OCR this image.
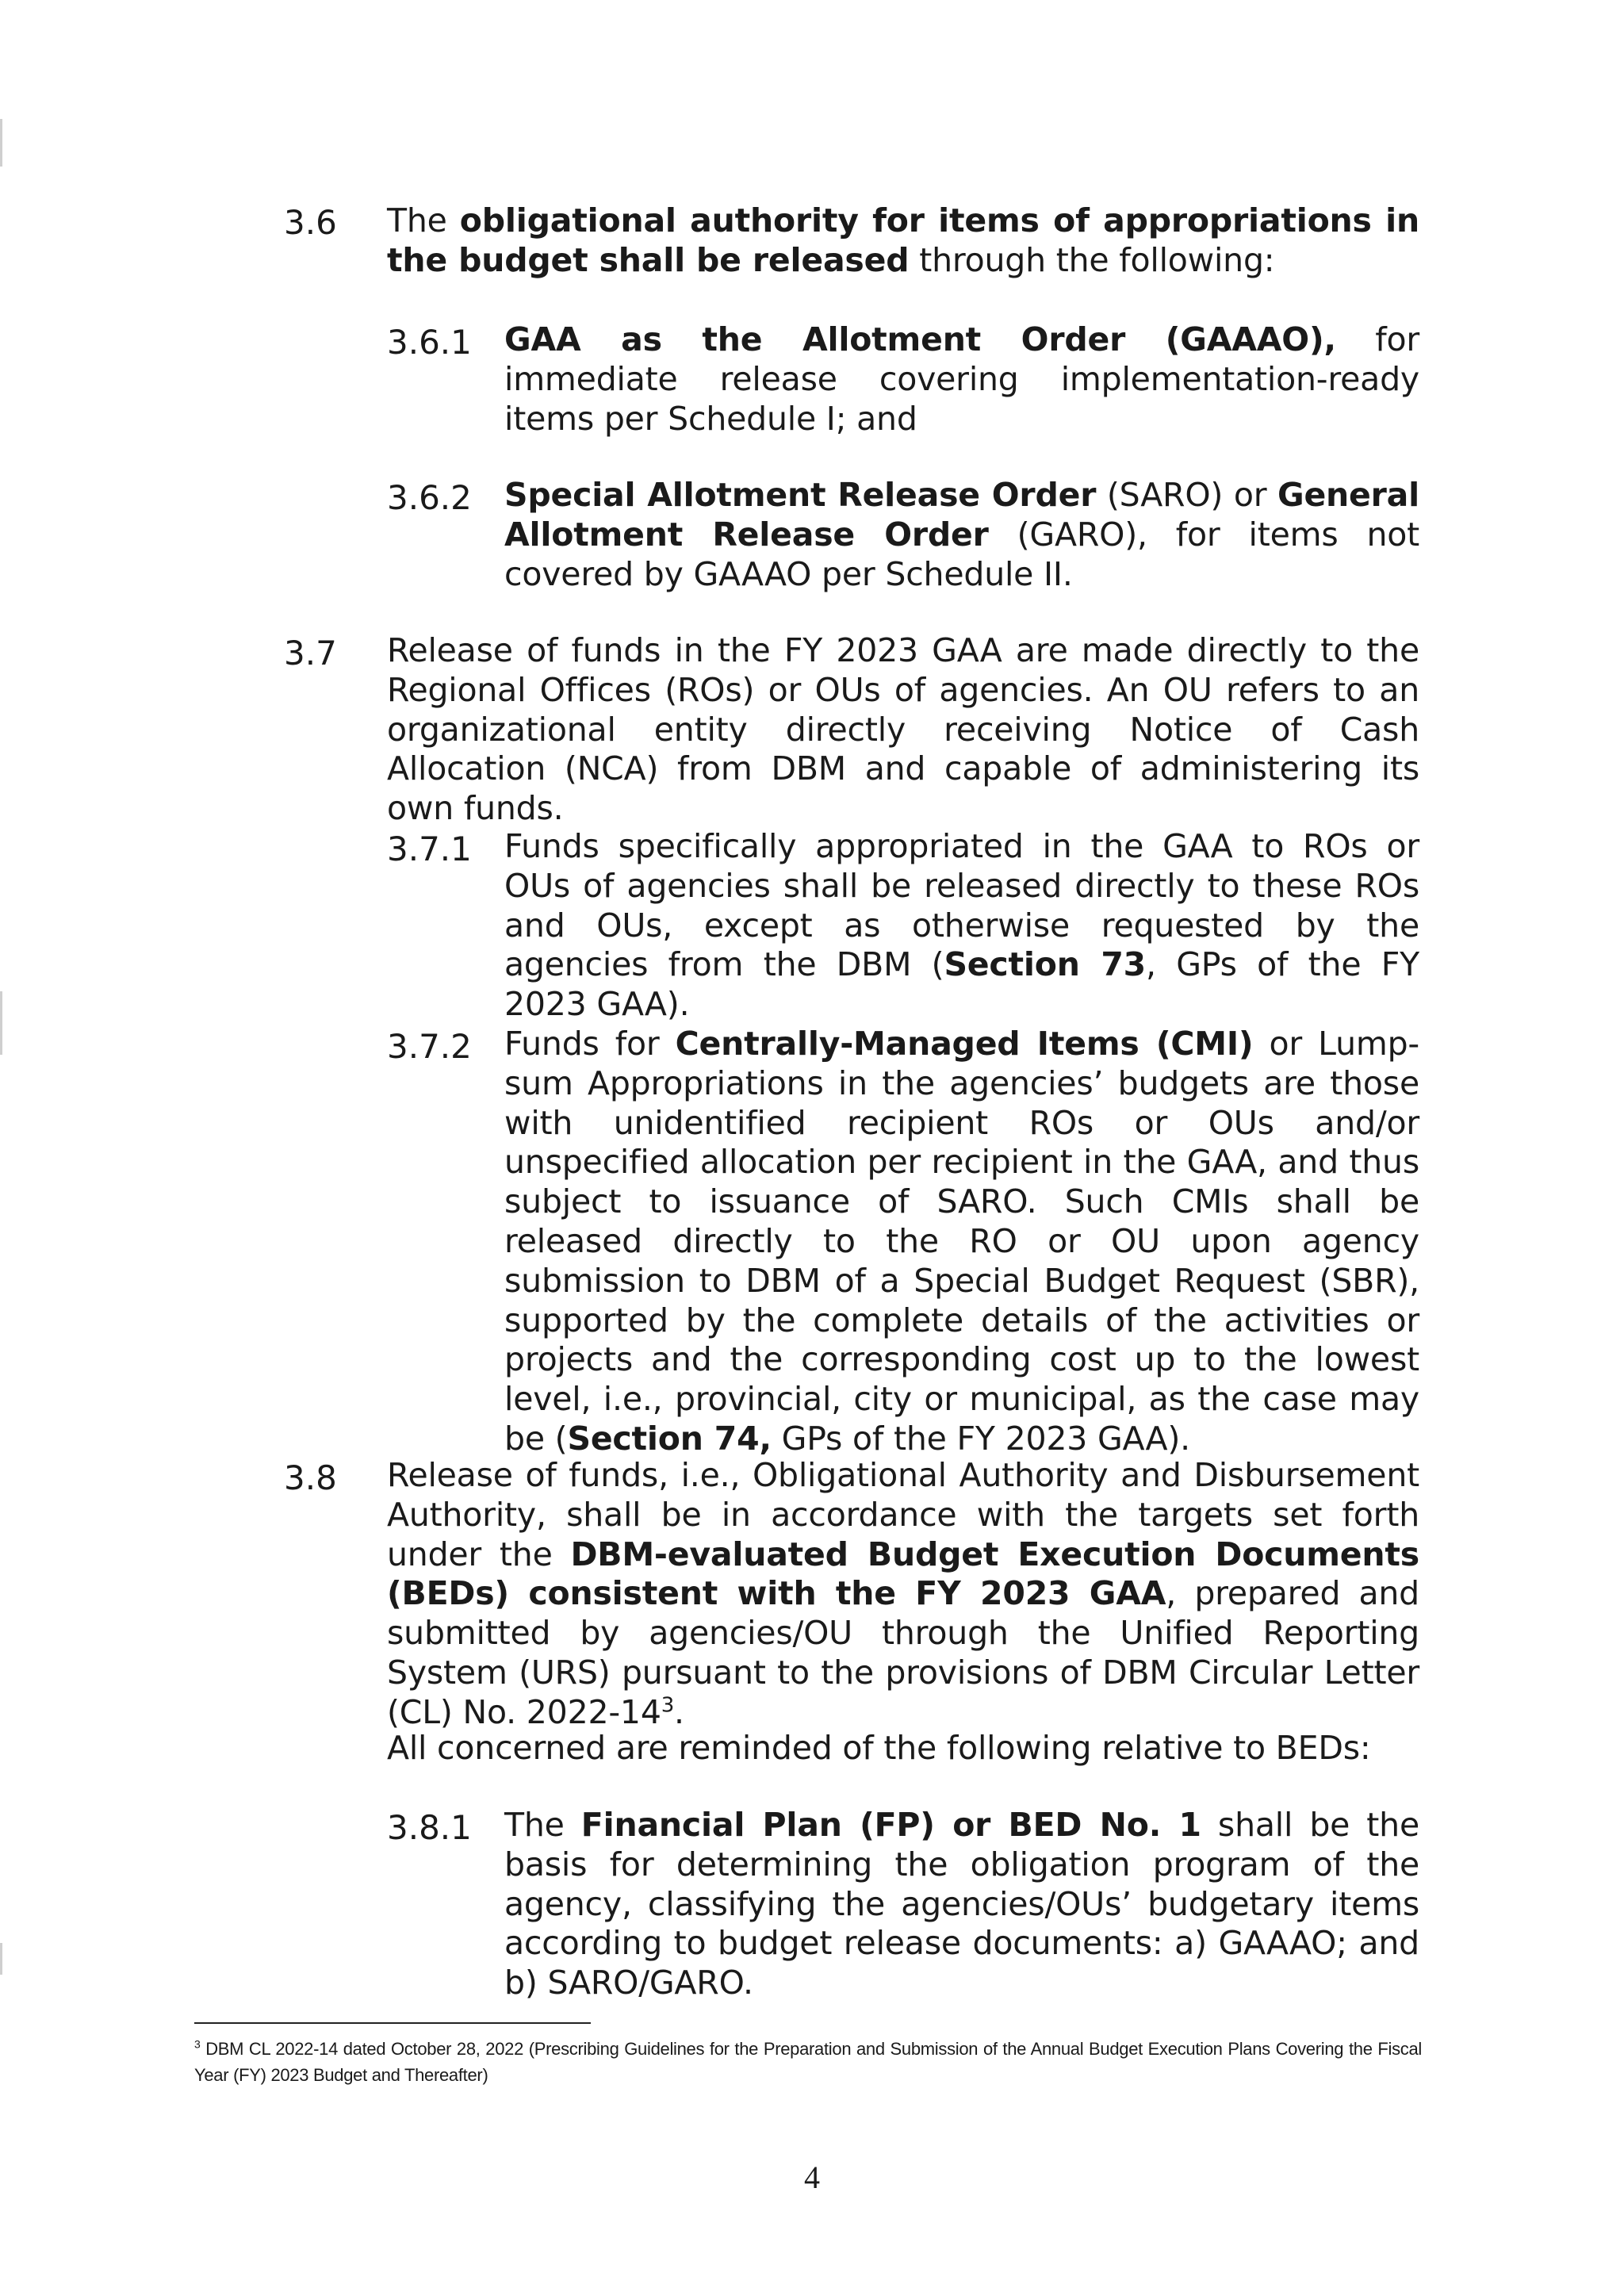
3.6 The obligational authority for items of appropriations in the budget shall be released through the following:
3.6.1 GAA as the Allotment Order (GAAAO), for immediate release covering implementation-ready items per Schedule I; and
3.6.2 Special Allotment Release Order (SARO) or General Allotment Release Order (GARO), for items not covered by GAAAO per Schedule II.
3.7 Release of funds in the FY 2023 GAA are made directly to the Regional Offices (ROs) or OUs of agencies. An OU refers to an organizational entity directly receiving Notice of Cash Allocation (NCA) from DBM and capable of administering its own funds.
3.7.1 Funds specifically appropriated in the GAA to ROs or OUs of agencies shall be released directly to these ROs and OUs, except as otherwise requested by the agencies from the DBM (Section 73, GPs of the FY 2023 GAA).
3.7.2 Funds for Centrally-Managed Items (CMI) or Lump-sum Appropriations in the agencies’ budgets are those with unidentified recipient ROs or OUs and/or unspecified allocation per recipient in the GAA, and thus subject to issuance of SARO. Such CMIs shall be released directly to the RO or OU upon agency submission to DBM of a Special Budget Request (SBR), supported by the complete details of the activities or projects and the corresponding cost up to the lowest level, i.e., provincial, city or municipal, as the case may be (Section 74, GPs of the FY 2023 GAA).
3.8 Release of funds, i.e., Obligational Authority and Disbursement Authority, shall be in accordance with the targets set forth under the DBM-evaluated Budget Execution Documents (BEDs) consistent with the FY 2023 GAA, prepared and submitted by agencies/OU through the Unified Reporting System (URS) pursuant to the provisions of DBM Circular Letter (CL) No. $2022-14^3$.
All concerned are reminded of the following relative to BEDs:
3.8.1 The Financial Plan (FP) or BED No. 1 shall be the basis for determining the obligation program of the agency, classifying the agencies/OUs’ budgetary items according to budget release documents: a) GAAAO; and b) SARO/GARO.
$^3$ DBM CL 2022-14 dated October 28, 2022 (Prescribing Guidelines for the Preparation and Submission of the Annual Budget Execution Plans Covering the Fiscal Year (FY) 2023 Budget and Thereafter)
4
